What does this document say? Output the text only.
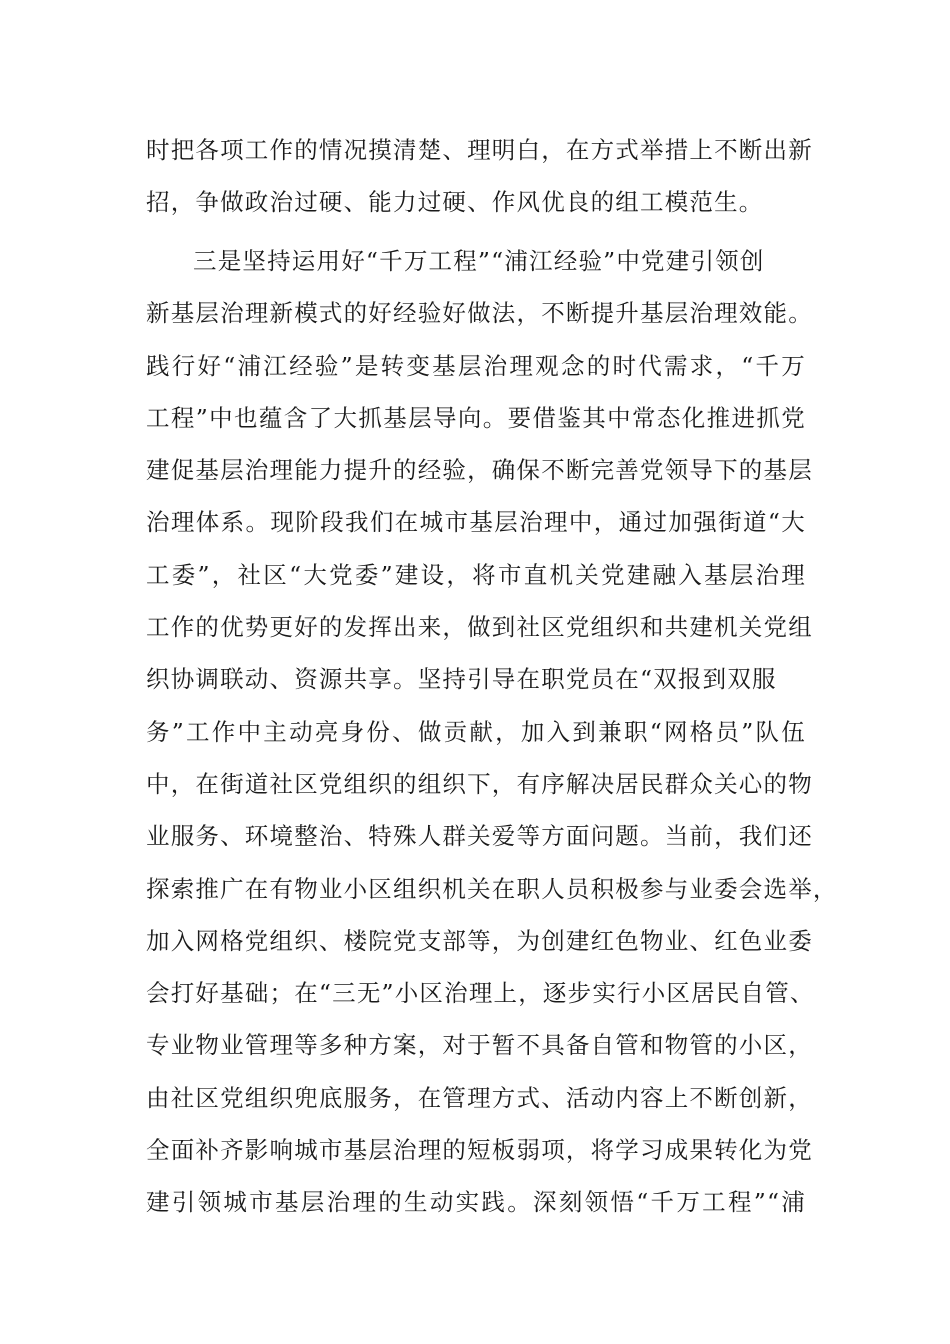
时把各项工作的情况摸清楚、理明白，在方式举措上不断出新
招，争做政治过硬、能力过硬、作风优良的组工模范生。
三是坚持运用好“千万工程”“浦江经验”中党建引领创
新基层治理新模式的好经验好做法，不断提升基层治理效能。
践行好“浦江经验”是转变基层治理观念的时代需求，“千万
工程”中也蕴含了大抓基层导向。要借鉴其中常态化推进抓党
建促基层治理能力提升的经验，确保不断完善党领导下的基层
治理体系。现阶段我们在城市基层治理中，通过加强街道“大
工委”，社区“大党委”建设，将市直机关党建融入基层治理
工作的优势更好的发挥出来，做到社区党组织和共建机关党组
织协调联动、资源共享。坚持引导在职党员在“双报到双服
务”工作中主动亮身份、做贡献，加入到兼职“网格员”队伍
中，在街道社区党组织的组织下，有序解决居民群众关心的物
业服务、环境整治、特殊人群关爱等方面问题。当前，我们还
探索推广在有物业小区组织机关在职人员积极参与业委会选举，
加入网格党组织、楼院党支部等，为创建红色物业、红色业委
会打好基础；在“三无”小区治理上，逐步实行小区居民自管、
专业物业管理等多种方案，对于暂不具备自管和物管的小区，
由社区党组织兜底服务，在管理方式、活动内容上不断创新，
全面补齐影响城市基层治理的短板弱项，将学习成果转化为党
建引领城市基层治理的生动实践。深刻领悟“千万工程”“浦
